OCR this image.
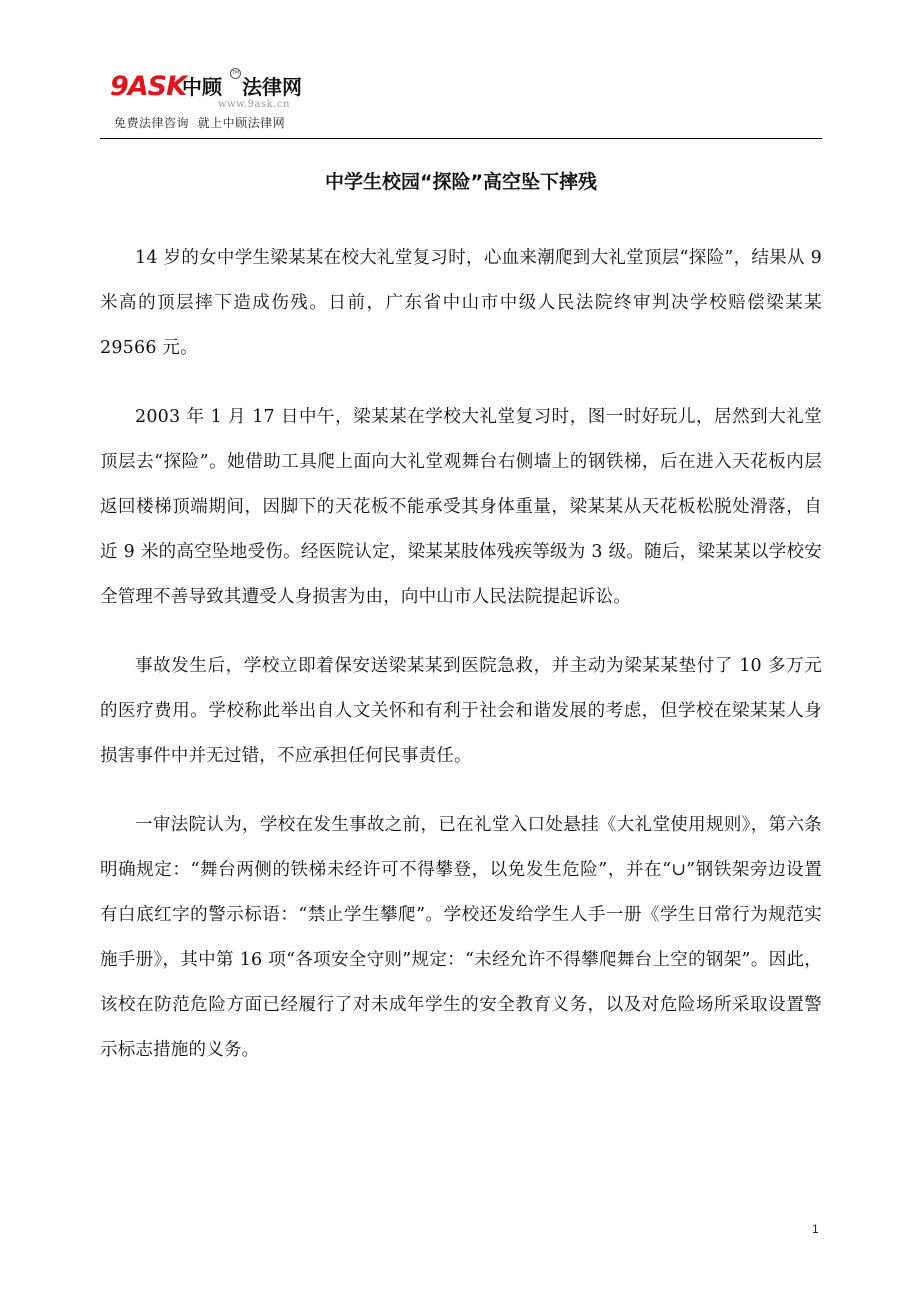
9ASK
中顾
TM
法律网
www.9ask.cn
免费法律咨询  就上中顾法律网
中学生校园“探险”高空坠下摔残

14 岁的女中学生梁某某在校大礼堂复习时，心血来潮爬到大礼堂顶层“探险”，结果从 9 米高的顶层摔下造成伤残。日前，广东省中山市中级人民法院终审判决学校赔偿梁某某 29566 元。

2003 年 1 月 17 日中午，梁某某在学校大礼堂复习时，图一时好玩儿，居然到大礼堂顶层去“探险”。她借助工具爬上面向大礼堂观舞台右侧墙上的钢铁梯，后在进入天花板内层返回楼梯顶端期间，因脚下的天花板不能承受其身体重量，梁某某从天花板松脱处滑落，自近 9 米的高空坠地受伤。经医院认定，梁某某肢体残疾等级为 3 级。随后，梁某某以学校安全管理不善导致其遭受人身损害为由，向中山市人民法院提起诉讼。

事故发生后，学校立即着保安送梁某某到医院急救，并主动为梁某某垫付了 10 多万元的医疗费用。学校称此举出自人文关怀和有利于社会和谐发展的考虑，但学校在梁某某人身损害事件中并无过错，不应承担任何民事责任。

一审法院认为，学校在发生事故之前，已在礼堂入口处悬挂《大礼堂使用规则》，第六条明确规定：“舞台两侧的铁梯未经许可不得攀登，以免发生危险”，并在“∪”钢铁架旁边设置有白底红字的警示标语：“禁止学生攀爬”。学校还发给学生人手一册《学生日常行为规范实施手册》，其中第 16 项“各项安全守则”规定：“未经允许不得攀爬舞台上空的钢架”。因此，该校在防范危险方面已经履行了对未成年学生的安全教育义务，以及对危险场所采取设置警示标志措施的义务。

1
